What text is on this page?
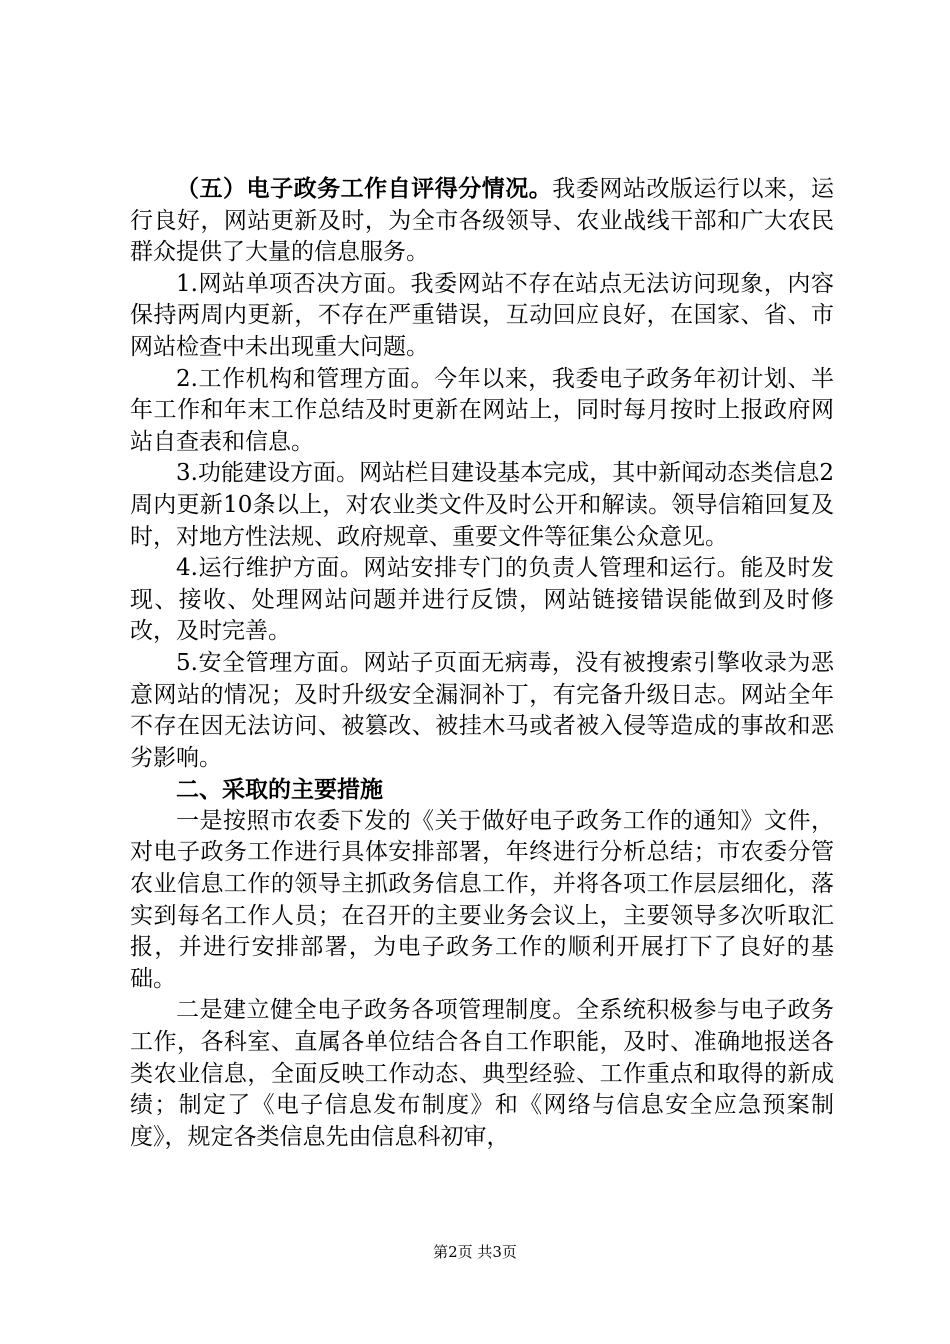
（五）电子政务工作自评得分情况。我委网站改版运行以来，运行良好，网站更新及时，为全市各级领导、农业战线干部和广大农民群众提供了大量的信息服务。

1.网站单项否决方面。我委网站不存在站点无法访问现象，内容保持两周内更新，不存在严重错误，互动回应良好，在国家、省、市网站检查中未出现重大问题。

2.工作机构和管理方面。今年以来，我委电子政务年初计划、半年工作和年末工作总结及时更新在网站上，同时每月按时上报政府网站自查表和信息。

3.功能建设方面。网站栏目建设基本完成，其中新闻动态类信息2周内更新10条以上，对农业类文件及时公开和解读。领导信箱回复及时，对地方性法规、政府规章、重要文件等征集公众意见。

4.运行维护方面。网站安排专门的负责人管理和运行。能及时发现、接收、处理网站问题并进行反馈，网站链接错误能做到及时修改，及时完善。

5.安全管理方面。网站子页面无病毒，没有被搜索引擎收录为恶意网站的情况；及时升级安全漏洞补丁，有完备升级日志。网站全年不存在因无法访问、被篡改、被挂木马或者被入侵等造成的事故和恶劣影响。

二、采取的主要措施

一是按照市农委下发的《关于做好电子政务工作的通知》文件，对电子政务工作进行具体安排部署，年终进行分析总结；市农委分管农业信息工作的领导主抓政务信息工作，并将各项工作层层细化，落实到每名工作人员；在召开的主要业务会议上，主要领导多次听取汇报，并进行安排部署，为电子政务工作的顺利开展打下了良好的基础。

二是建立健全电子政务各项管理制度。全系统积极参与电子政务工作，各科室、直属各单位结合各自工作职能，及时、准确地报送各类农业信息，全面反映工作动态、典型经验、工作重点和取得的新成绩；制定了《电子信息发布制度》和《网络与信息安全应急预案制度》，规定各类信息先由信息科初审，

第2页 共3页
